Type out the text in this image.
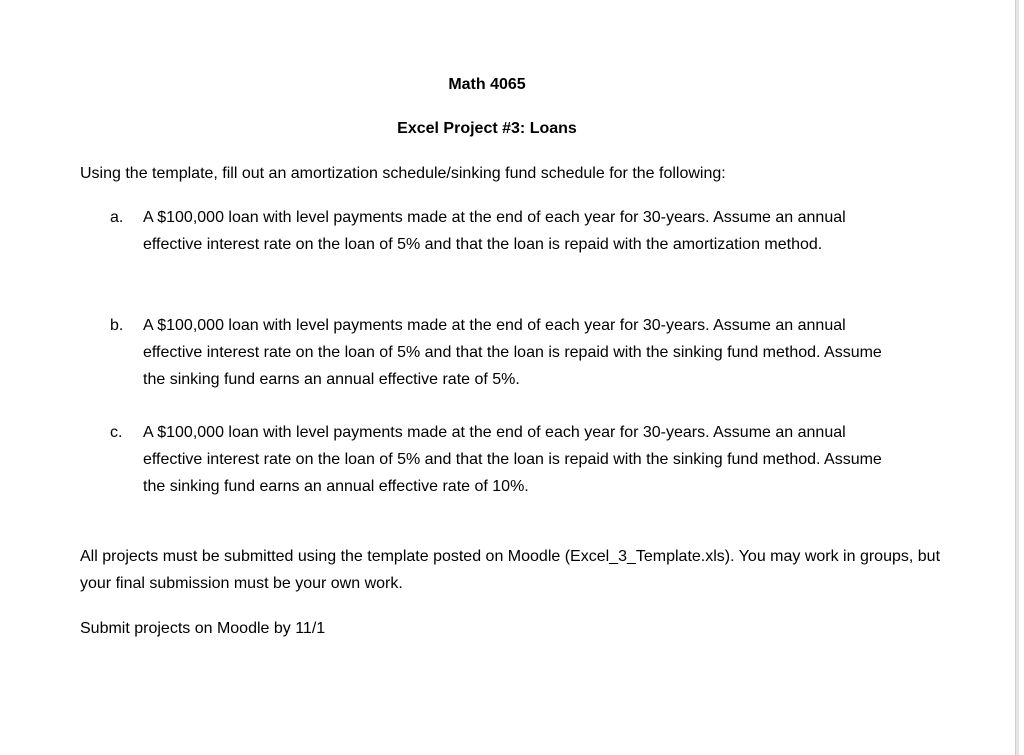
Math 4065
Excel Project #3: Loans
Using the template, fill out an amortization schedule/sinking fund schedule for the following:
a.	A $100,000 loan with level payments made at the end of each year for 30-years. Assume an annual effective interest rate on the loan of 5% and that the loan is repaid with the amortization method.
b.	A $100,000 loan with level payments made at the end of each year for 30-years. Assume an annual effective interest rate on the loan of 5% and that the loan is repaid with the sinking fund method. Assume the sinking fund earns an annual effective rate of 5%.
c.	A $100,000 loan with level payments made at the end of each year for 30-years. Assume an annual effective interest rate on the loan of 5% and that the loan is repaid with the sinking fund method. Assume the sinking fund earns an annual effective rate of 10%.
All projects must be submitted using the template posted on Moodle (Excel_3_Template.xls). You may work in groups, but your final submission must be your own work.
Submit projects on Moodle by 11/1
